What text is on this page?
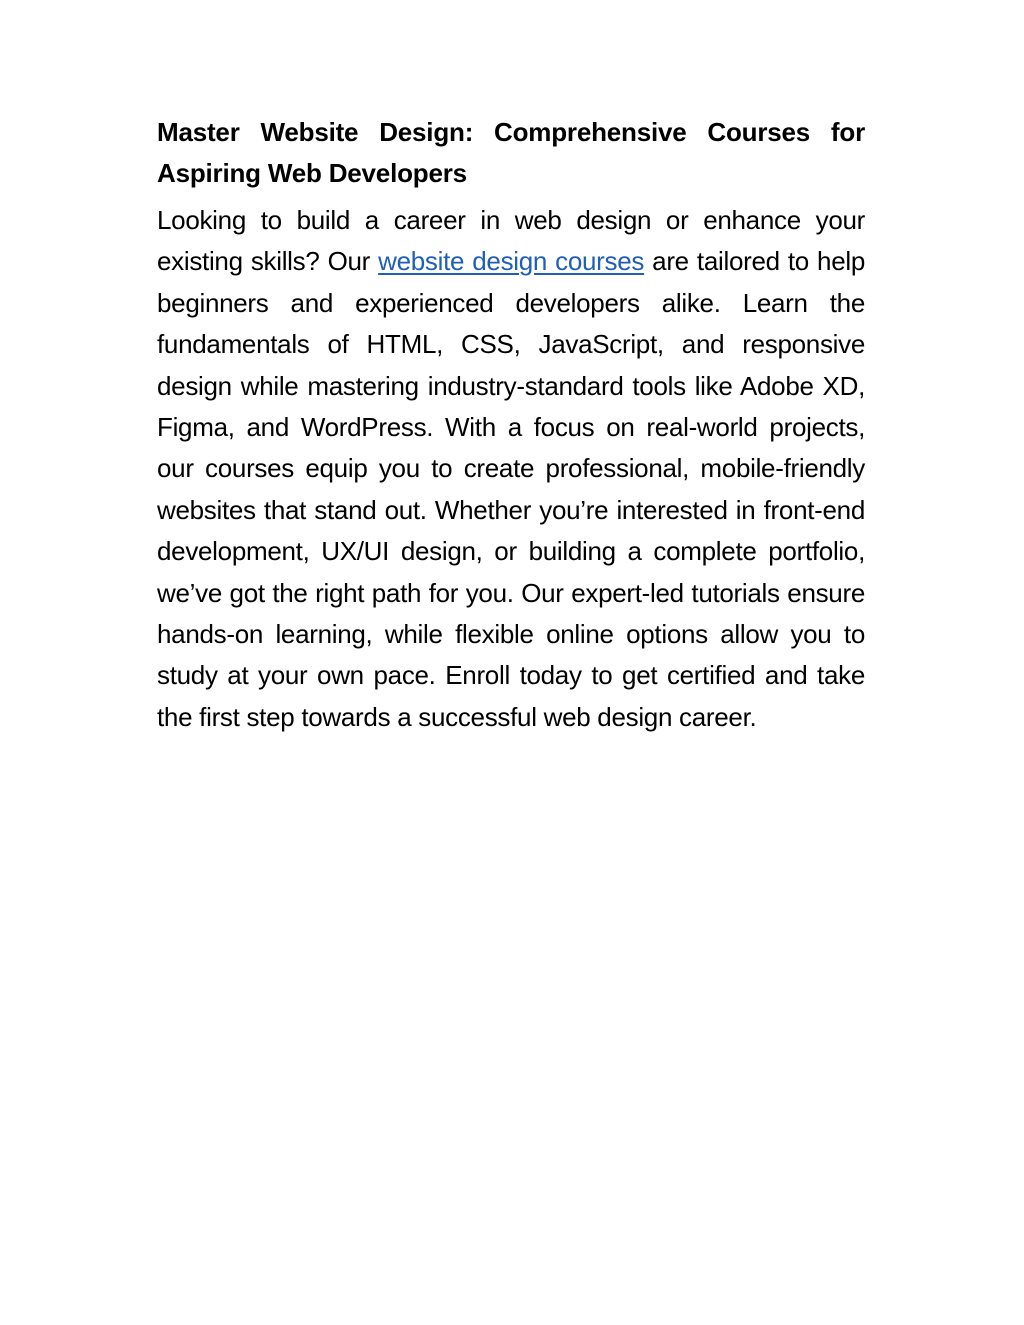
Master Website Design: Comprehensive Courses for Aspiring Web Developers

Looking to build a career in web design or enhance your existing skills? Our website design courses are tailored to help beginners and experienced developers alike. Learn the fundamentals of HTML, CSS, JavaScript, and responsive design while mastering industry-standard tools like Adobe XD, Figma, and WordPress. With a focus on real-world projects, our courses equip you to create professional, mobile-friendly websites that stand out. Whether you’re interested in front-end development, UX/UI design, or building a complete portfolio, we’ve got the right path for you. Our expert-led tutorials ensure hands-on learning, while flexible online options allow you to study at your own pace. Enroll today to get certified and take the first step towards a successful web design career.
